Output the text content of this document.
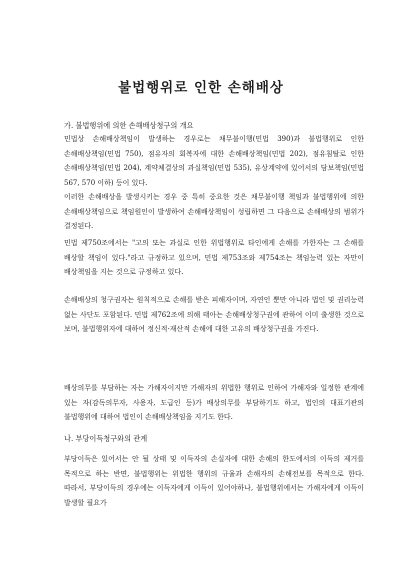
불법행위로 인한 손해배상

가. 불법행위에 의한 손해배상청구의 개요

민법상 손해배상책임이 발생하는 경우로는 채무불이행(민법 390)과 불법행위로 인한 손해배상책임(민법 750), 점유자의 회복자에 대한 손해배상책임(민법 202), 점유침탈로 인한 손해배상책임(민법 204), 계약체결상의 과실책임(민법 535), 유상계약에 있어서의 담보책임(민법 567, 570 이하) 등이 있다.

이러한 손해배상을 발생시키는 경우 중 특히 중요한 것은 채무불이행 책임과 불법행위에 의한 손해배상책임으로 책임원인이 발생하여 손해배상책임이 성립하면 그 다음으로 손해배상의 범위가 결정된다.

민법 제750조에서는 "고의 또는 과실로 인한 위법행위로 타인에게 손해를 가한자는 그 손해를 배상할 책임이 있다."라고 규정하고 있으며, 민법 제753조와 제754조는 책임능력 있는 자만이 배상책임을 지는 것으로 규정하고 있다.

손해배상의 청구권자는 원칙적으로 손해를 받은 피해자이며, 자연인 뿐만 아니라 법인 및 권리능력 없는 사단도 포함된다. 민법 제762조에 의해 태아는 손해배상청구권에 관하여 이미 출생한 것으로 보며, 불법행위자에 대하여 정신적·재산적 손해에 대한 고유의 배상청구권을 가진다.

배상의무를 부담하는 자는 가해자이지만 가해자의 위법한 행위로 인하여 가해자와 일정한 관계에 있는 자(감독의무자, 사용자, 도급인 등)가 배상의무를 부담하기도 하고, 법인의 대표기관의 불법행위에 대하여 법인이 손해배상책임을 지기도 한다.

나. 부당이득청구와의 관계

부당이득은 있어서는 안 될 상태 및 이득자의 손실자에 대한 손해의 한도에서의 이득의 제거를 목적으로 하는 반면, 불법행위는 위법한 행위의 규율과 손해자의 손해전보를 목적으로 한다. 따라서, 부당이득의 경우에는 이득자에게 이득이 있어야하나, 불법행위에서는 가해자에게 이득이 발생할 필요가
